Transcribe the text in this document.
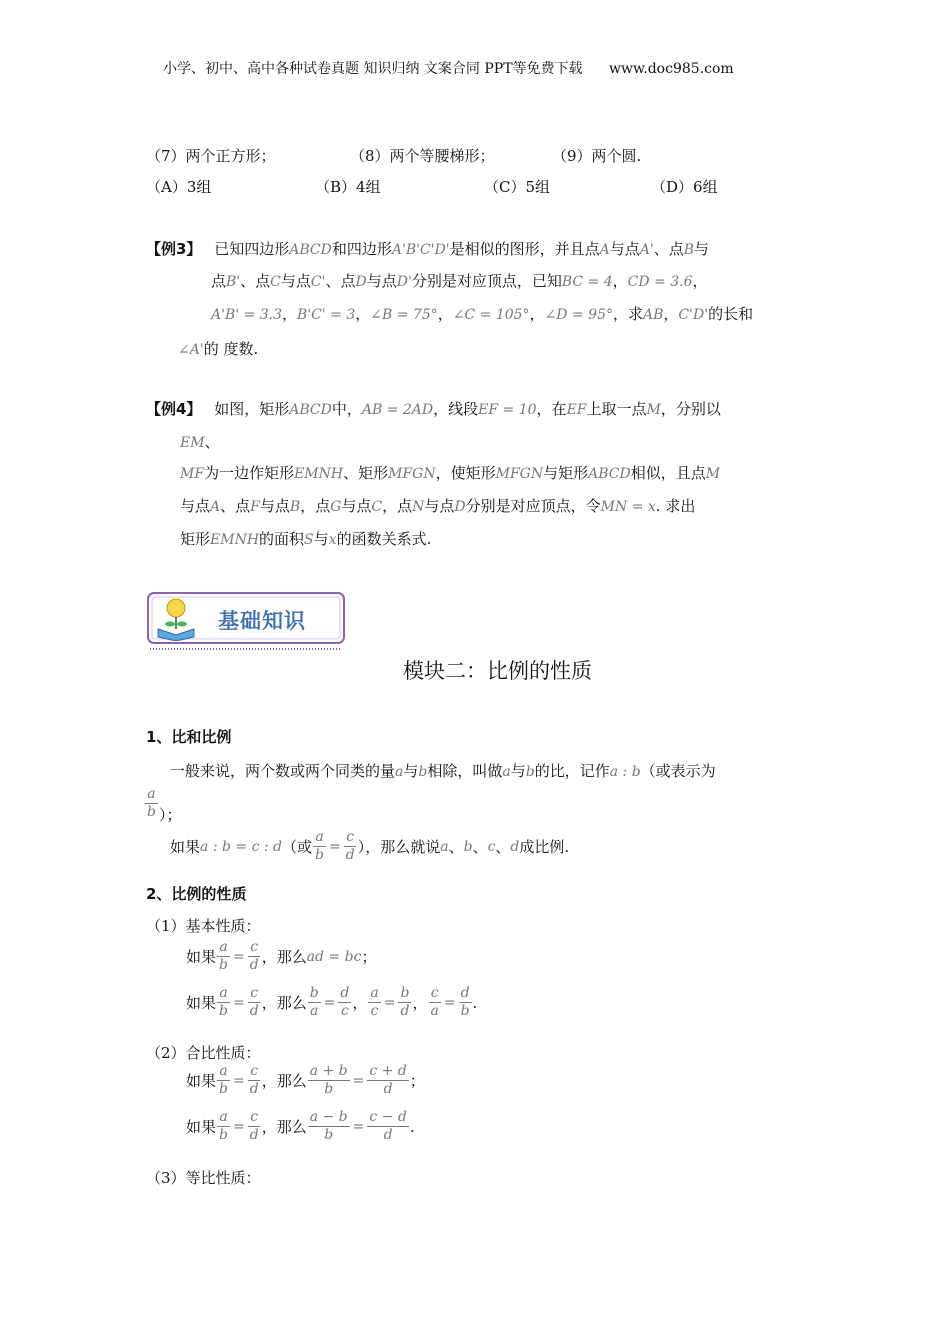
小学、初中、高中各种试卷真题 知识归纳 文案合同 PPT等免费下载 www.doc985.com
（7）两个正方形；	（8）两个等腰梯形；	（9）两个圆.
（A）3组	（B）4组	（C）5组	（D）6组
【例3】 已知四边形ABCD和四边形A'B'C'D'是相似的图形，并且点A与点A'、点B与
点B'、点C与点C'、点D与点D'分别是对应顶点，已知BC = 4，CD = 3.6，
A'B' = 3.3，B'C' = 3，∠B = 75°，∠C = 105°，∠D = 95°，求AB，C'D'的长和
∠A'的 度数.
【例4】 如图，矩形ABCD中，AB = 2AD，线段EF = 10，在EF上取一点M，分别以
EM、
MF为一边作矩形EMNH、矩形MFGN，使矩形MFGN与矩形ABCD相似，且点M
与点A、点F与点B，点G与点C，点N与点D分别是对应顶点，令MN = x. 求出
矩形EMNH的面积S与x的函数关系式.
基础知识
模块二：比例的性质
1、比和比例
一般来说，两个数或两个同类的量a与b相除，叫做a与b的比，记作a : b（或表示为
$\frac{a}{b}$ ）；
如果 a : b = c : d （或 $\frac{a}{b} = \frac{c}{d}$ ），那么就说 a 、 b 、 c 、 d 成比例.
2、比例的性质
（1）基本性质：
如果 $\frac{a}{b} = \frac{c}{d}$ ，那么 ad = bc ；
如果 $\frac{a}{b} = \frac{c}{d}$ ，那么 $\frac{b}{a} = \frac{d}{c}$ ， $\frac{a}{c} = \frac{b}{d}$ ， $\frac{c}{a} = \frac{d}{b}$ .
（2）合比性质：
如果 $\frac{a}{b} = \frac{c}{d}$ ，那么 $\frac{a + b}{b} = \frac{c + d}{d}$ ；
如果 $\frac{a}{b} = \frac{c}{d}$ ，那么 $\frac{a - b}{b} = \frac{c - d}{d}$ .
（3）等比性质：
